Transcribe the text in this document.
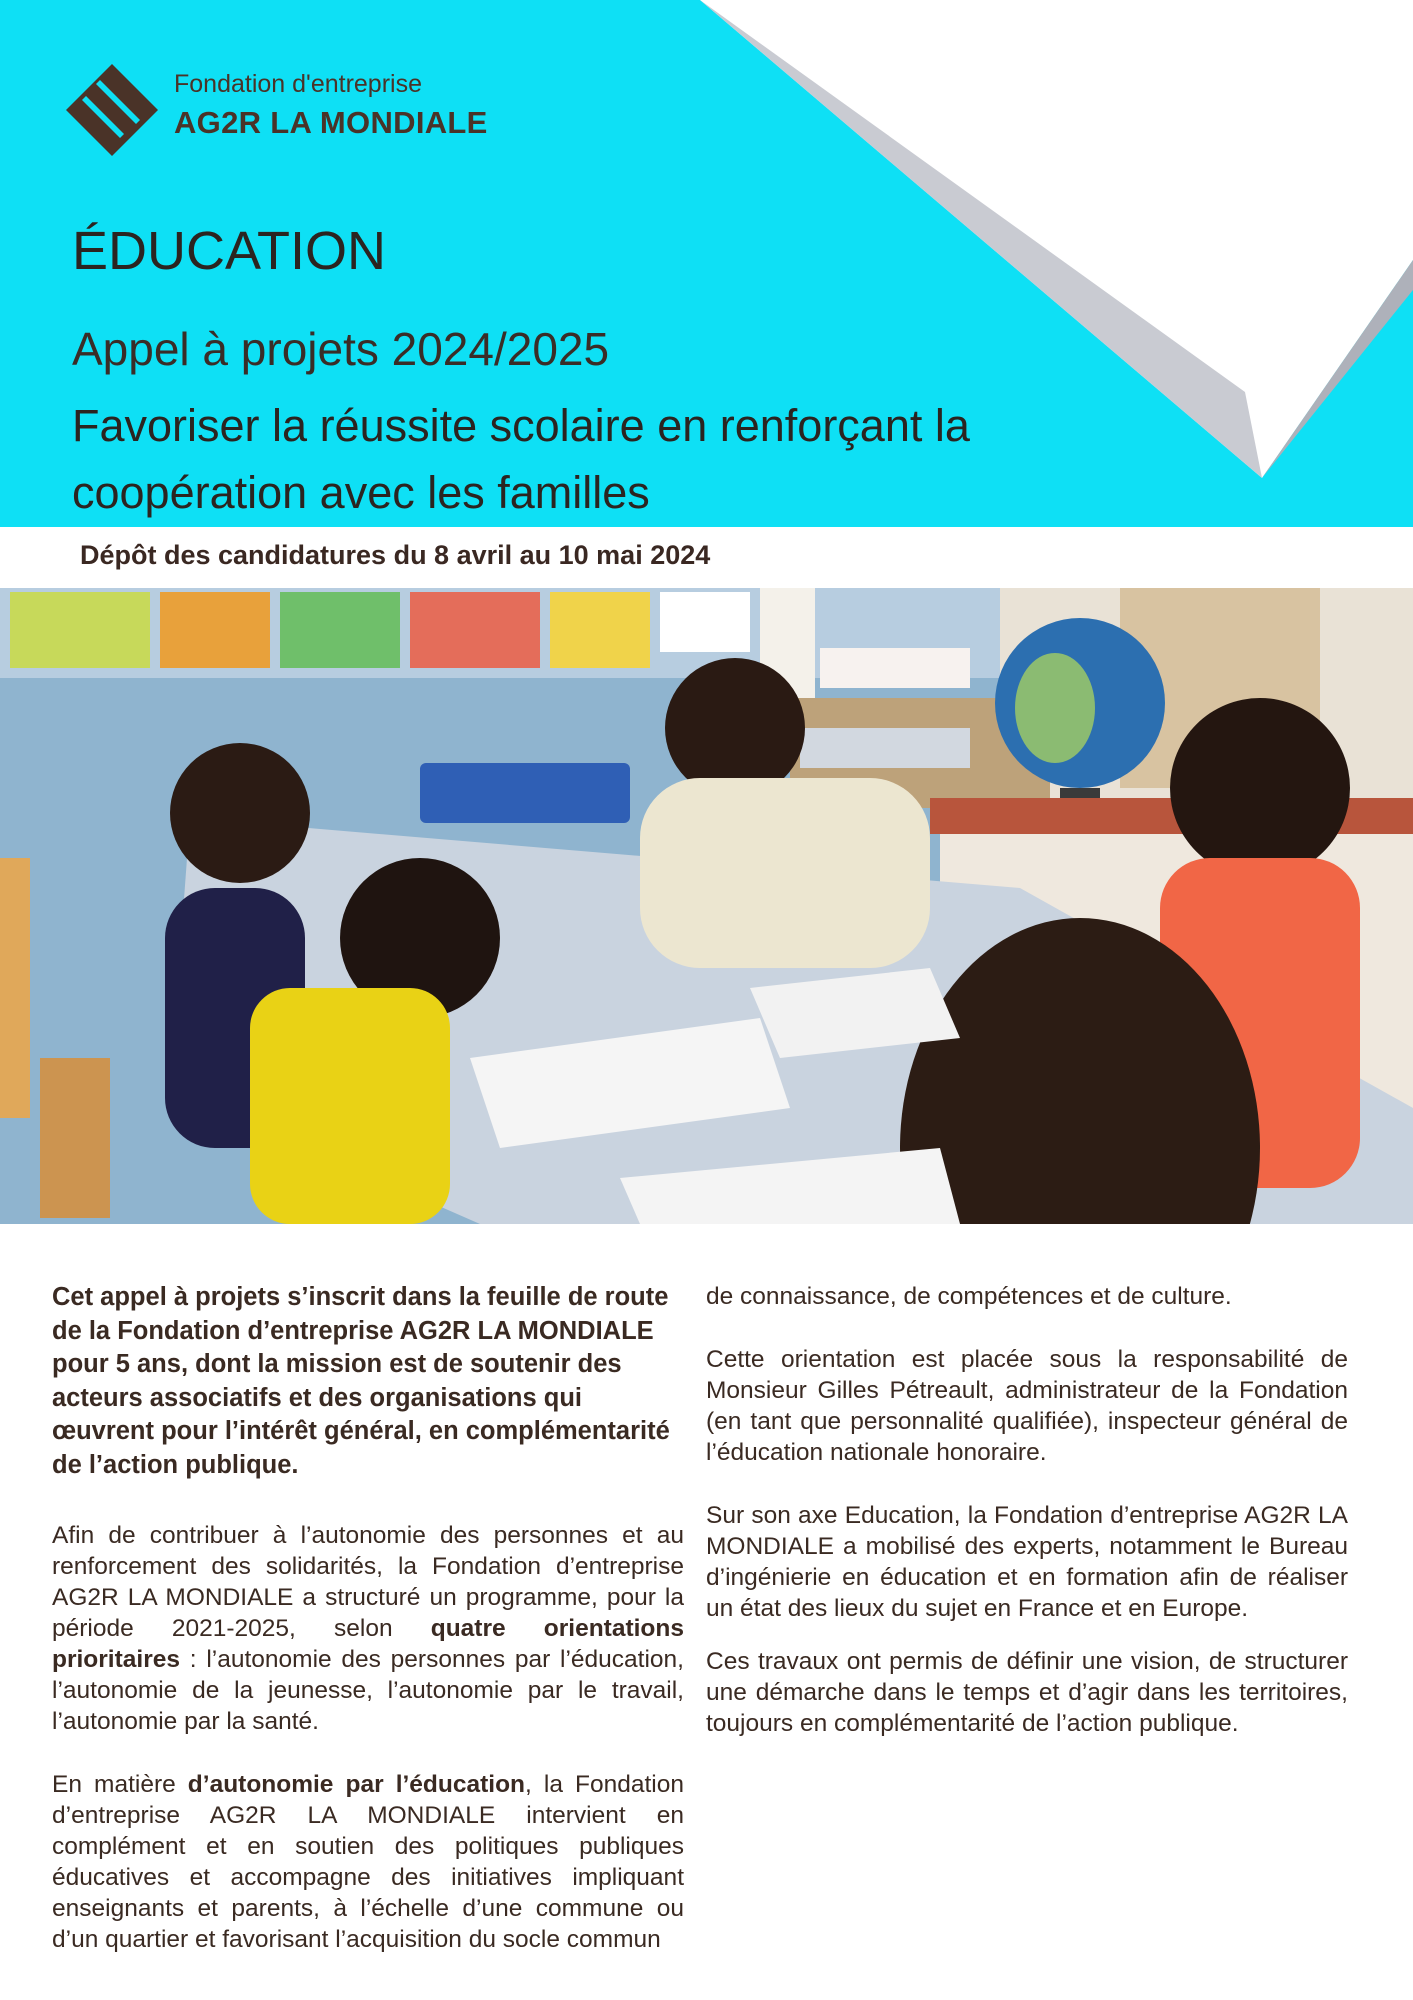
Fondation d'entreprise
AG2R LA MONDIALE
ÉDUCATION
Appel à projets 2024/2025
Favoriser la réussite scolaire en renforçant la
coopération avec les familles
Dépôt des candidatures du 8 avril au 10 mai 2024

Cet appel à projets s’inscrit dans la feuille de route de la Fondation d’entreprise AG2R LA MONDIALE pour 5 ans, dont la mission est de soutenir des acteurs associatifs et des organisations qui œuvrent pour l’intérêt général, en complémentarité de l’action publique.

Afin de contribuer à l’autonomie des personnes et au renforcement des solidarités, la Fondation d’entreprise AG2R LA MONDIALE a structuré un programme, pour la période 2021-2025, selon quatre orientations prioritaires : l’autonomie des personnes par l’éducation, l’autonomie de la jeunesse, l’autonomie par le travail, l’autonomie par la santé.

En matière d’autonomie par l’éducation, la Fondation d’entreprise AG2R LA MONDIALE intervient en complément et en soutien des politiques publiques éducatives et accompagne des initiatives impliquant enseignants et parents, à l’échelle d’une commune ou d’un quartier et favorisant l’acquisition du socle commun

de connaissance, de compétences et de culture.

Cette orientation est placée sous la responsabilité de Monsieur Gilles Pétreault, administrateur de la Fondation (en tant que personnalité qualifiée), inspecteur général de l’éducation nationale honoraire.

Sur son axe Education, la Fondation d’entreprise AG2R LA MONDIALE a mobilisé des experts, notamment le Bureau d’ingénierie en éducation et en formation afin de réaliser un état des lieux du sujet en France et en Europe.

Ces travaux ont permis de définir une vision, de structurer une démarche dans le temps et d’agir dans les territoires, toujours en complémentarité de l’action publique.
